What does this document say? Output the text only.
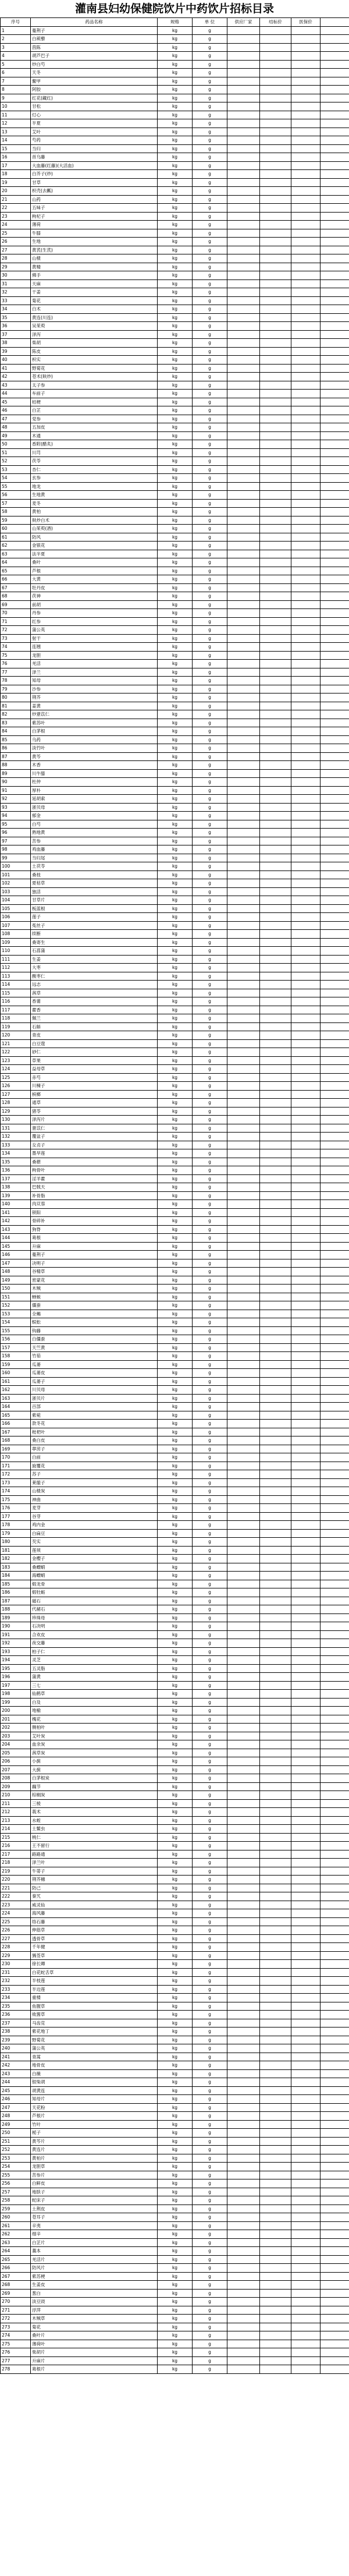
灌南县妇幼保健院饮片中药饮片招标目录
序号	药品名称	规格	单 位	供应厂家	结标价	医保价	
1	蔓荆子	kg	g				
2	白蒺藜	kg	g				
3	茵陈	kg	g				
4	胡芦巴子	kg	g				
5	炒白芍	kg	g				
6	天冬	kg	g				
7	鳖甲	kg	g				
8	阿胶	kg	g				
9	红花(藏红)	kg	g				
10	甘松	kg	g				
11	灯心	kg	g				
12	半夏	kg	g				
13	艾叶	kg	g				
14	芍药	kg	g				
15	当归	kg	g				
16	首乌藤	kg	g				
17	大血藤(红藤)(大活血)	kg	g				
18	白芥子(炒)	kg	g				
19	甘草	kg	g				
20	枳壳(去瓤)	kg	g				
21	山药	kg	g				
22	五味子	kg	g				
23	枸杞子	kg	g				
24	薄荷	kg	g				
25	牛膝	kg	g				
26	生地	kg	g				
27	黄芪(生芪)	kg	g				
28	山楂	kg	g				
29	黄精	kg	g				
30	佛手	kg	g				
31	天麻	kg	g				
32	干姜	kg	g				
33	菊花	kg	g				
34	白术	kg	g				
35	黄连(川连)	kg	g				
36	吴茱萸	kg	g				
37	泽泻	kg	g				
38	柴胡	kg	g				
39	陈皮	kg	g				
40	枳实	kg	g				
41	野菊花	kg	g				
42	苍术(麸炒)	kg	g				
43	太子参	kg	g				
44	车前子	kg	g				
45	桔梗	kg	g				
46	白芷	kg	g				
47	党参	kg	g				
48	五加皮	kg	g				
49	木通	kg	g				
50	香附(醋炙)	kg	g				
51	川芎	kg	g				
52	茯苓	kg	g				
53	杏仁	kg	g				
54	玄参	kg	g				
55	地龙	kg	g				
56	生地黄	kg	g				
57	麦冬	kg	g				
58	黄柏	kg	g				
59	麸炒白术	kg	g				
60	山茱萸(酒)	kg	g				
61	防风	kg	g				
62	金银花	kg	g				
63	法半夏	kg	g				
64	桑叶	kg	g				
65	芦根	kg	g				
66	大黄	kg	g				
67	牡丹皮	kg	g				
68	茯神	kg	g				
69	前胡	kg	g				
70	丹参	kg	g				
71	红参	kg	g				
72	蒲公英	kg	g				
73	射干	kg	g				
74	连翘	kg	g				
75	龙胆	kg	g				
76	羌活	kg	g				
77	泽兰	kg	g				
78	知母	kg	g				
79	沙参	kg	g				
80	荆芥	kg	g				
81	姜黄	kg	g				
82	炒薏苡仁	kg	g				
83	紫苏叶	kg	g				
84	白茅根	kg	g				
85	乌药	kg	g				
86	淡竹叶	kg	g				
87	黄芩	kg	g				
88	木香	kg	g				
89	川牛膝	kg	g				
90	杜仲	kg	g				
91	厚朴	kg	g				
92	延胡索	kg	g				
93	浙贝母	kg	g				
94	郁金	kg	g				
95	白芍	kg	g				
96	熟地黄	kg	g				
97	苦参	kg	g				
98	鸡血藤	kg	g				
99	当归尾	kg	g				
100	土茯苓	kg	g				
101	桑枝	kg	g				
102	夏枯草	kg	g				
103	独活	kg	g				
104	甘草片	kg	g				
105	板蓝根	kg	g				
106	莲子	kg	g				
107	菟丝子	kg	g				
108	续断	kg	g				
109	桑寄生	kg	g				
110	石菖蒲	kg	g				
111	生姜	kg	g				
112	大枣	kg	g				
113	酸枣仁	kg	g				
114	远志	kg	g				
115	茜草	kg	g				
116	香薷	kg	g				
117	藿香	kg	g				
118	佩兰	kg	g				
119	石斛	kg	g				
120	青皮	kg	g				
121	白豆蔻	kg	g				
122	砂仁	kg	g				
123	草果	kg	g				
124	益母草	kg	g				
125	赤芍	kg	g				
126	川楝子	kg	g				
127	槟榔	kg	g				
128	通草	kg	g				
129	猪苓	kg	g				
130	泽泻片	kg	g				
131	薏苡仁	kg	g				
132	覆盆子	kg	g				
133	女贞子	kg	g				
134	墨旱莲	kg	g				
135	桑椹	kg	g				
136	枸骨叶	kg	g				
137	淫羊藿	kg	g				
138	巴戟天	kg	g				
139	补骨脂	kg	g				
140	肉苁蓉	kg	g				
141	锁阳	kg	g				
142	骨碎补	kg	g				
143	狗脊	kg	g				
144	葛根	kg	g				
145	升麻	kg	g				
146	蔓荆子	kg	g				
147	决明子	kg	g				
148	谷精草	kg	g				
149	密蒙花	kg	g				
150	木贼	kg	g				
151	蝉蜕	kg	g				
152	僵蚕	kg	g				
153	全蝎	kg	g				
154	蜈蚣	kg	g				
155	钩藤	kg	g				
156	白僵蚕	kg	g				
157	天竺黄	kg	g				
158	竹茹	kg	g				
159	瓜蒌	kg	g				
160	瓜蒌皮	kg	g				
161	瓜蒌子	kg	g				
162	川贝母	kg	g				
163	浙贝片	kg	g				
164	百部	kg	g				
165	紫菀	kg	g				
166	款冬花	kg	g				
167	枇杷叶	kg	g				
168	桑白皮	kg	g				
169	葶苈子	kg	g				
170	白前	kg	g				
171	旋覆花	kg	g				
172	苏子	kg	g				
173	莱菔子	kg	g				
174	山楂炭	kg	g				
175	神曲	kg	g				
176	麦芽	kg	g				
177	谷芽	kg	g				
178	鸡内金	kg	g				
179	白扁豆	kg	g				
180	芡实	kg	g				
181	莲须	kg	g				
182	金樱子	kg	g				
183	桑螵蛸	kg	g				
184	海螵蛸	kg	g				
185	煅龙骨	kg	g				
186	煅牡蛎	kg	g				
187	磁石	kg	g				
188	代赭石	kg	g				
189	珍珠母	kg	g				
190	石决明	kg	g				
191	合欢皮	kg	g				
192	夜交藤	kg	g				
193	柏子仁	kg	g				
194	灵芝	kg	g				
195	五灵脂	kg	g				
196	蒲黄	kg	g				
197	三七	kg	g				
198	仙鹤草	kg	g				
199	白及	kg	g				
200	地榆	kg	g				
201	槐花	kg	g				
202	侧柏叶	kg	g				
203	艾叶炭	kg	g				
204	血余炭	kg	g				
205	茜草炭	kg	g				
206	小蓟	kg	g				
207	大蓟	kg	g				
208	白茅根炭	kg	g				
209	藕节	kg	g				
210	棕榈炭	kg	g				
211	三棱	kg	g				
212	莪术	kg	g				
213	水蛭	kg	g				
214	土鳖虫	kg	g				
215	桃仁	kg	g				
216	王不留行	kg	g				
217	路路通	kg	g				
218	泽兰叶	kg	g				
219	牛蒡子	kg	g				
220	荆芥穗	kg	g				
221	防己	kg	g				
222	秦艽	kg	g				
223	威灵仙	kg	g				
224	海风藤	kg	g				
225	络石藤	kg	g				
226	伸筋草	kg	g				
227	透骨草	kg	g				
228	千年健	kg	g				
229	豨莶草	kg	g				
230	徐长卿	kg	g				
231	白花蛇舌草	kg	g				
232	半枝莲	kg	g				
233	半边莲	kg	g				
234	重楼	kg	g				
235	鱼腥草	kg	g				
236	败酱草	kg	g				
237	马齿苋	kg	g				
238	紫花地丁	kg	g				
239	野菊花	kg	g				
240	蒲公英	kg	g				
241	青蒿	kg	g				
242	地骨皮	kg	g				
243	白薇	kg	g				
244	银柴胡	kg	g				
245	胡黄连	kg	g				
246	知母片	kg	g				
247	天花粉	kg	g				
248	芦根片	kg	g				
249	竹叶	kg	g				
250	栀子	kg	g				
251	黄芩片	kg	g				
252	黄连片	kg	g				
253	黄柏片	kg	g				
254	龙胆草	kg	g				
255	苦参片	kg	g				
256	白鲜皮	kg	g				
257	地肤子	kg	g				
258	蛇床子	kg	g				
259	土荆皮	kg	g				
260	苍耳子	kg	g				
261	辛夷	kg	g				
262	细辛	kg	g				
263	白芷片	kg	g				
264	藁本	kg	g				
265	羌活片	kg	g				
266	防风片	kg	g				
267	紫苏梗	kg	g				
268	生姜皮	kg	g				
269	葱白	kg	g				
270	淡豆豉	kg	g				
271	浮萍	kg	g				
272	木贼草	kg	g				
273	菊花	kg	g				
274	桑叶片	kg	g				
275	薄荷叶	kg	g				
276	柴胡片	kg	g				
277	升麻片	kg	g				
278	葛根片	kg	g				
